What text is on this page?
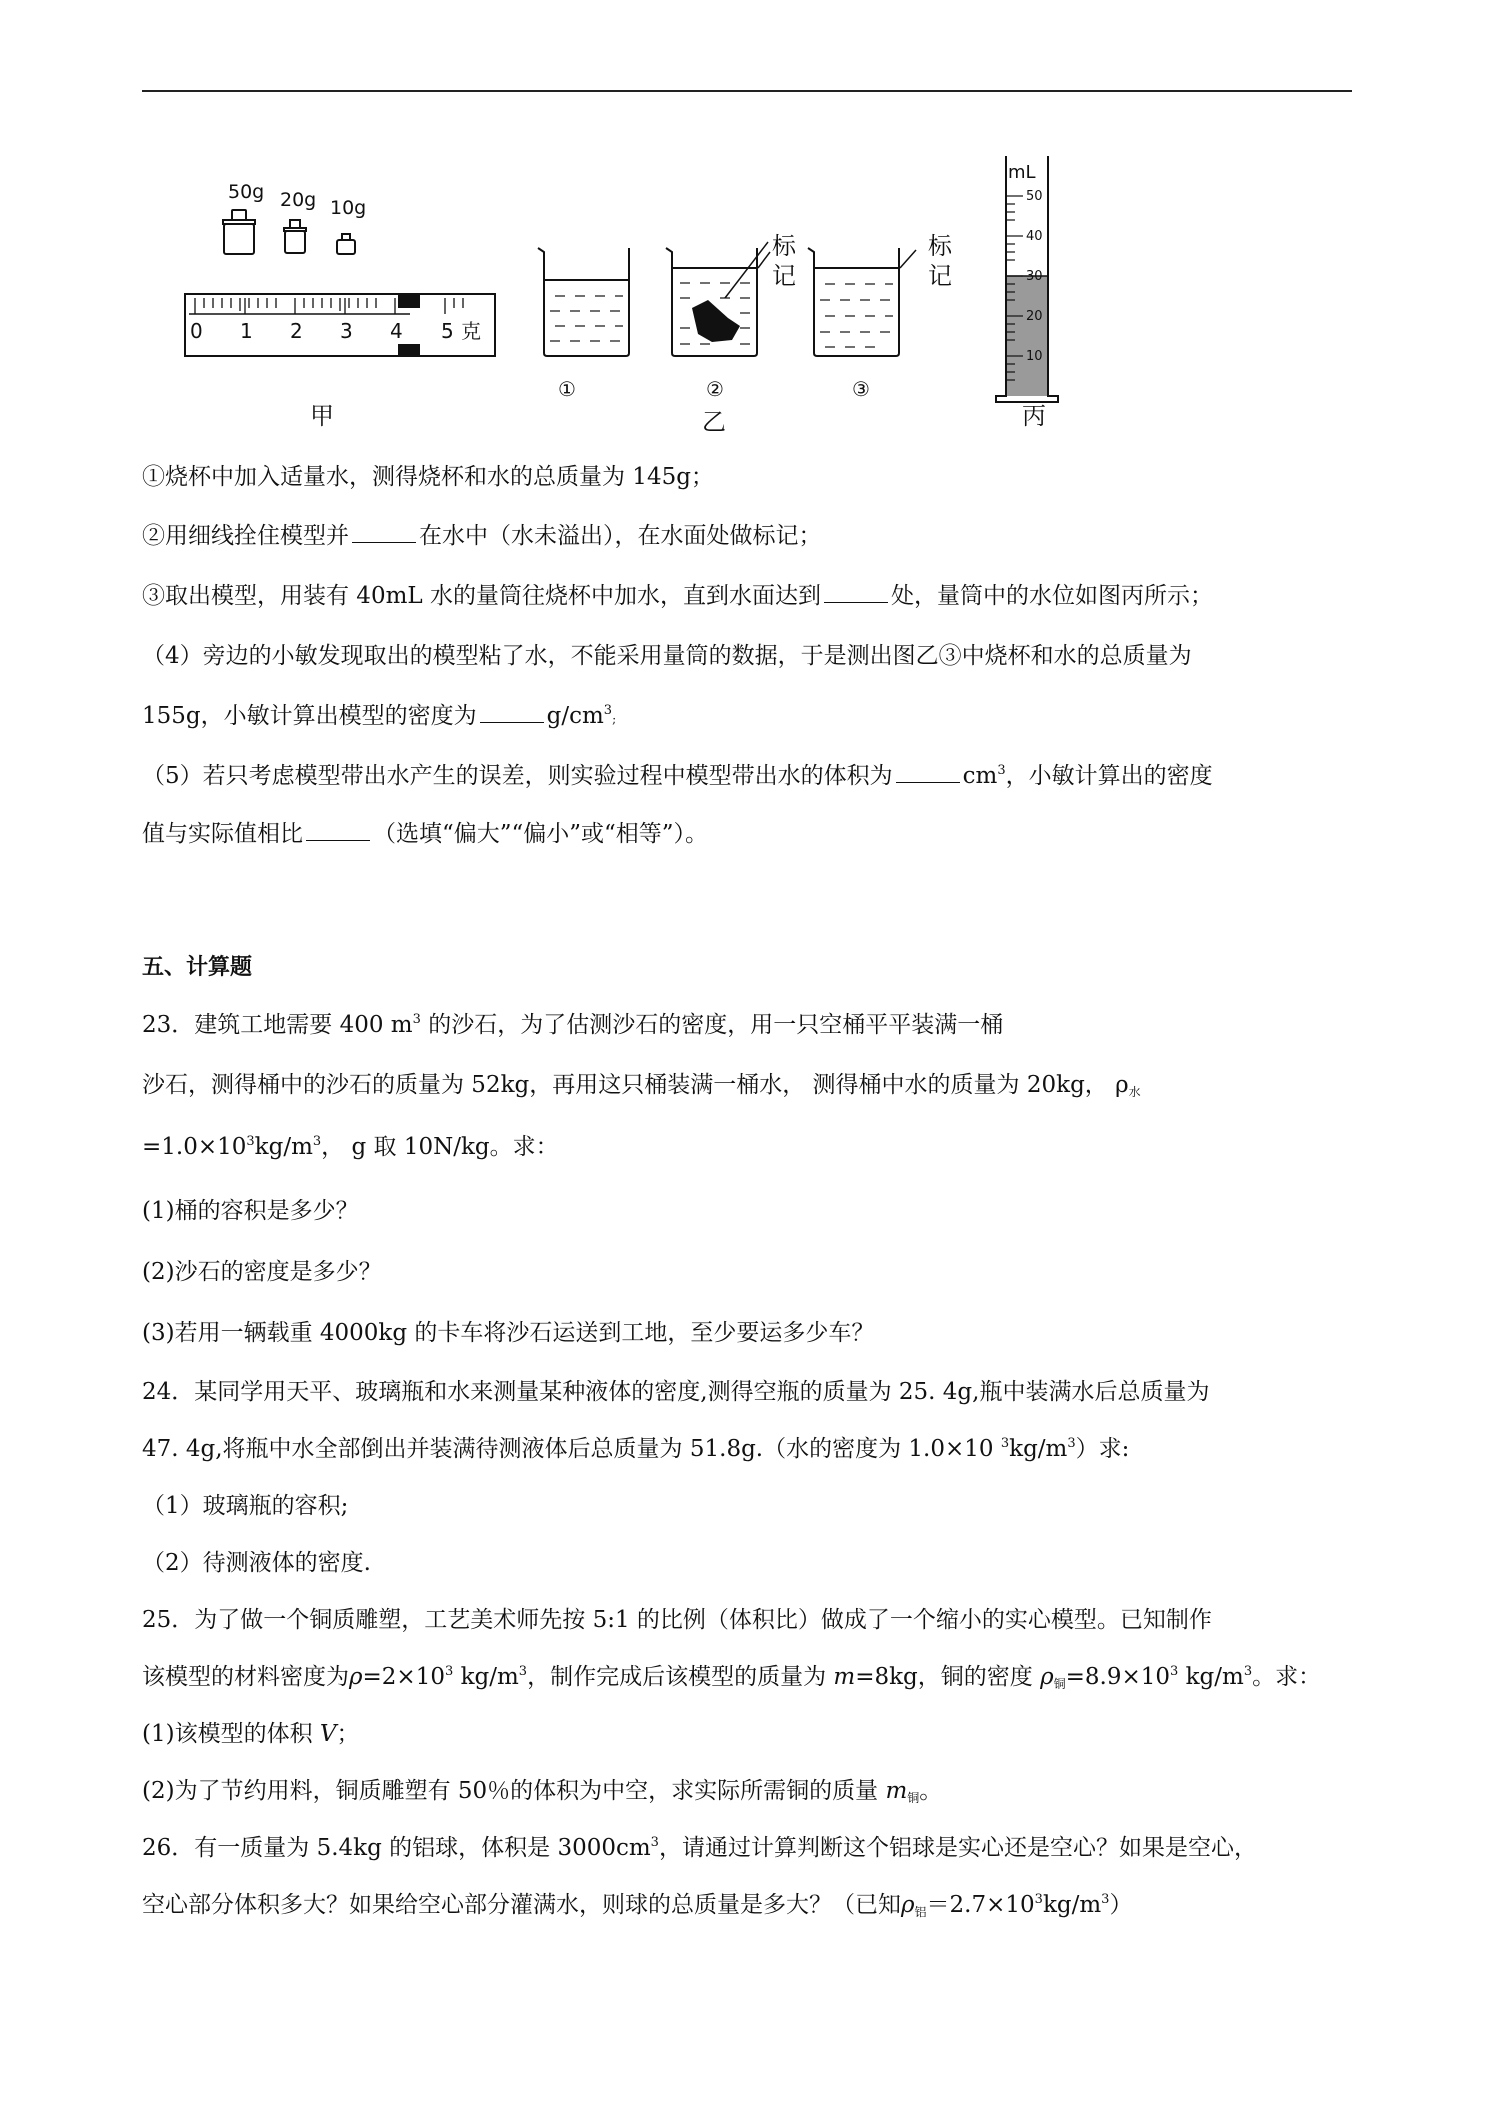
50g 20g 10g
0 1 2 3 4 5 克
标
记
标
记
①	②	③
mL
50
40
30
20
10
甲	乙	丙
①烧杯中加入适量水，测得烧杯和水的总质量为 145g；
②用细线拴住模型并	在水中（水未溢出），在水面处做标记；
③取出模型，用装有 40mL 水的量筒往烧杯中加水，直到水面达到	处，量筒中的水位如图丙所示；
（4）旁边的小敏发现取出的模型粘了水，不能采用量筒的数据，于是测出图乙③中烧杯和水的总质量为
155g，小敏计算出模型的密度为	$g/cm^3$;
（5）若只考虑模型带出水产生的误差，则实验过程中模型带出水的体积为	$cm^3$，小敏计算出的密度
值与实际值相比	（选填“偏大”“偏小”或“相等”）。
五、计算题
23．建筑工地需要 400 $m^3$ 的沙石，为了估测沙石的密度，用一只空桶平平装满一桶
沙石，测得桶中的沙石的质量为 52kg，再用这只桶装满一桶水， 测得桶中水的质量为 20kg， $\rho_水$
$=1.0\times 10^3kg/m^3$， g 取 10N/kg。求：
(1)桶的容积是多少？
(2)沙石的密度是多少？
(3)若用一辆载重 4000kg 的卡车将沙石运送到工地，至少要运多少车？
24．某同学用天平、玻璃瓶和水来测量某种液体的密度,测得空瓶的质量为 25. 4g,瓶中装满水后总质量为
47. 4g,将瓶中水全部倒出并装满待测液体后总质量为 51.8g.（水的密度为 1.0×10 $^3kg/m^3$）求:
（1）玻璃瓶的容积;
（2）待测液体的密度.
25．为了做一个铜质雕塑，工艺美术师先按 5:1 的比例（体积比）做成了一个缩小的实心模型。已知制作
该模型的材料密度为$\rho=2\times 10^3$ $kg/m^3$，制作完成后该模型的质量为 m=8kg，铜的密度 $\rho_铜=8.9\times 10^3$ $kg/m^3$。求：
(1)该模型的体积 V；
(2)为了节约用料，铜质雕塑有 50％的体积为中空，求实际所需铜的质量 $m_铜$。
26．有一质量为 5.4kg 的铝球，体积是 $3000cm^3$，请通过计算判断这个铝球是实心还是空心？如果是空心，
空心部分体积多大？如果给空心部分灌满水，则球的总质量是多大？（已知$\rho_铝=2.7\times 10^3kg/m^3$）
